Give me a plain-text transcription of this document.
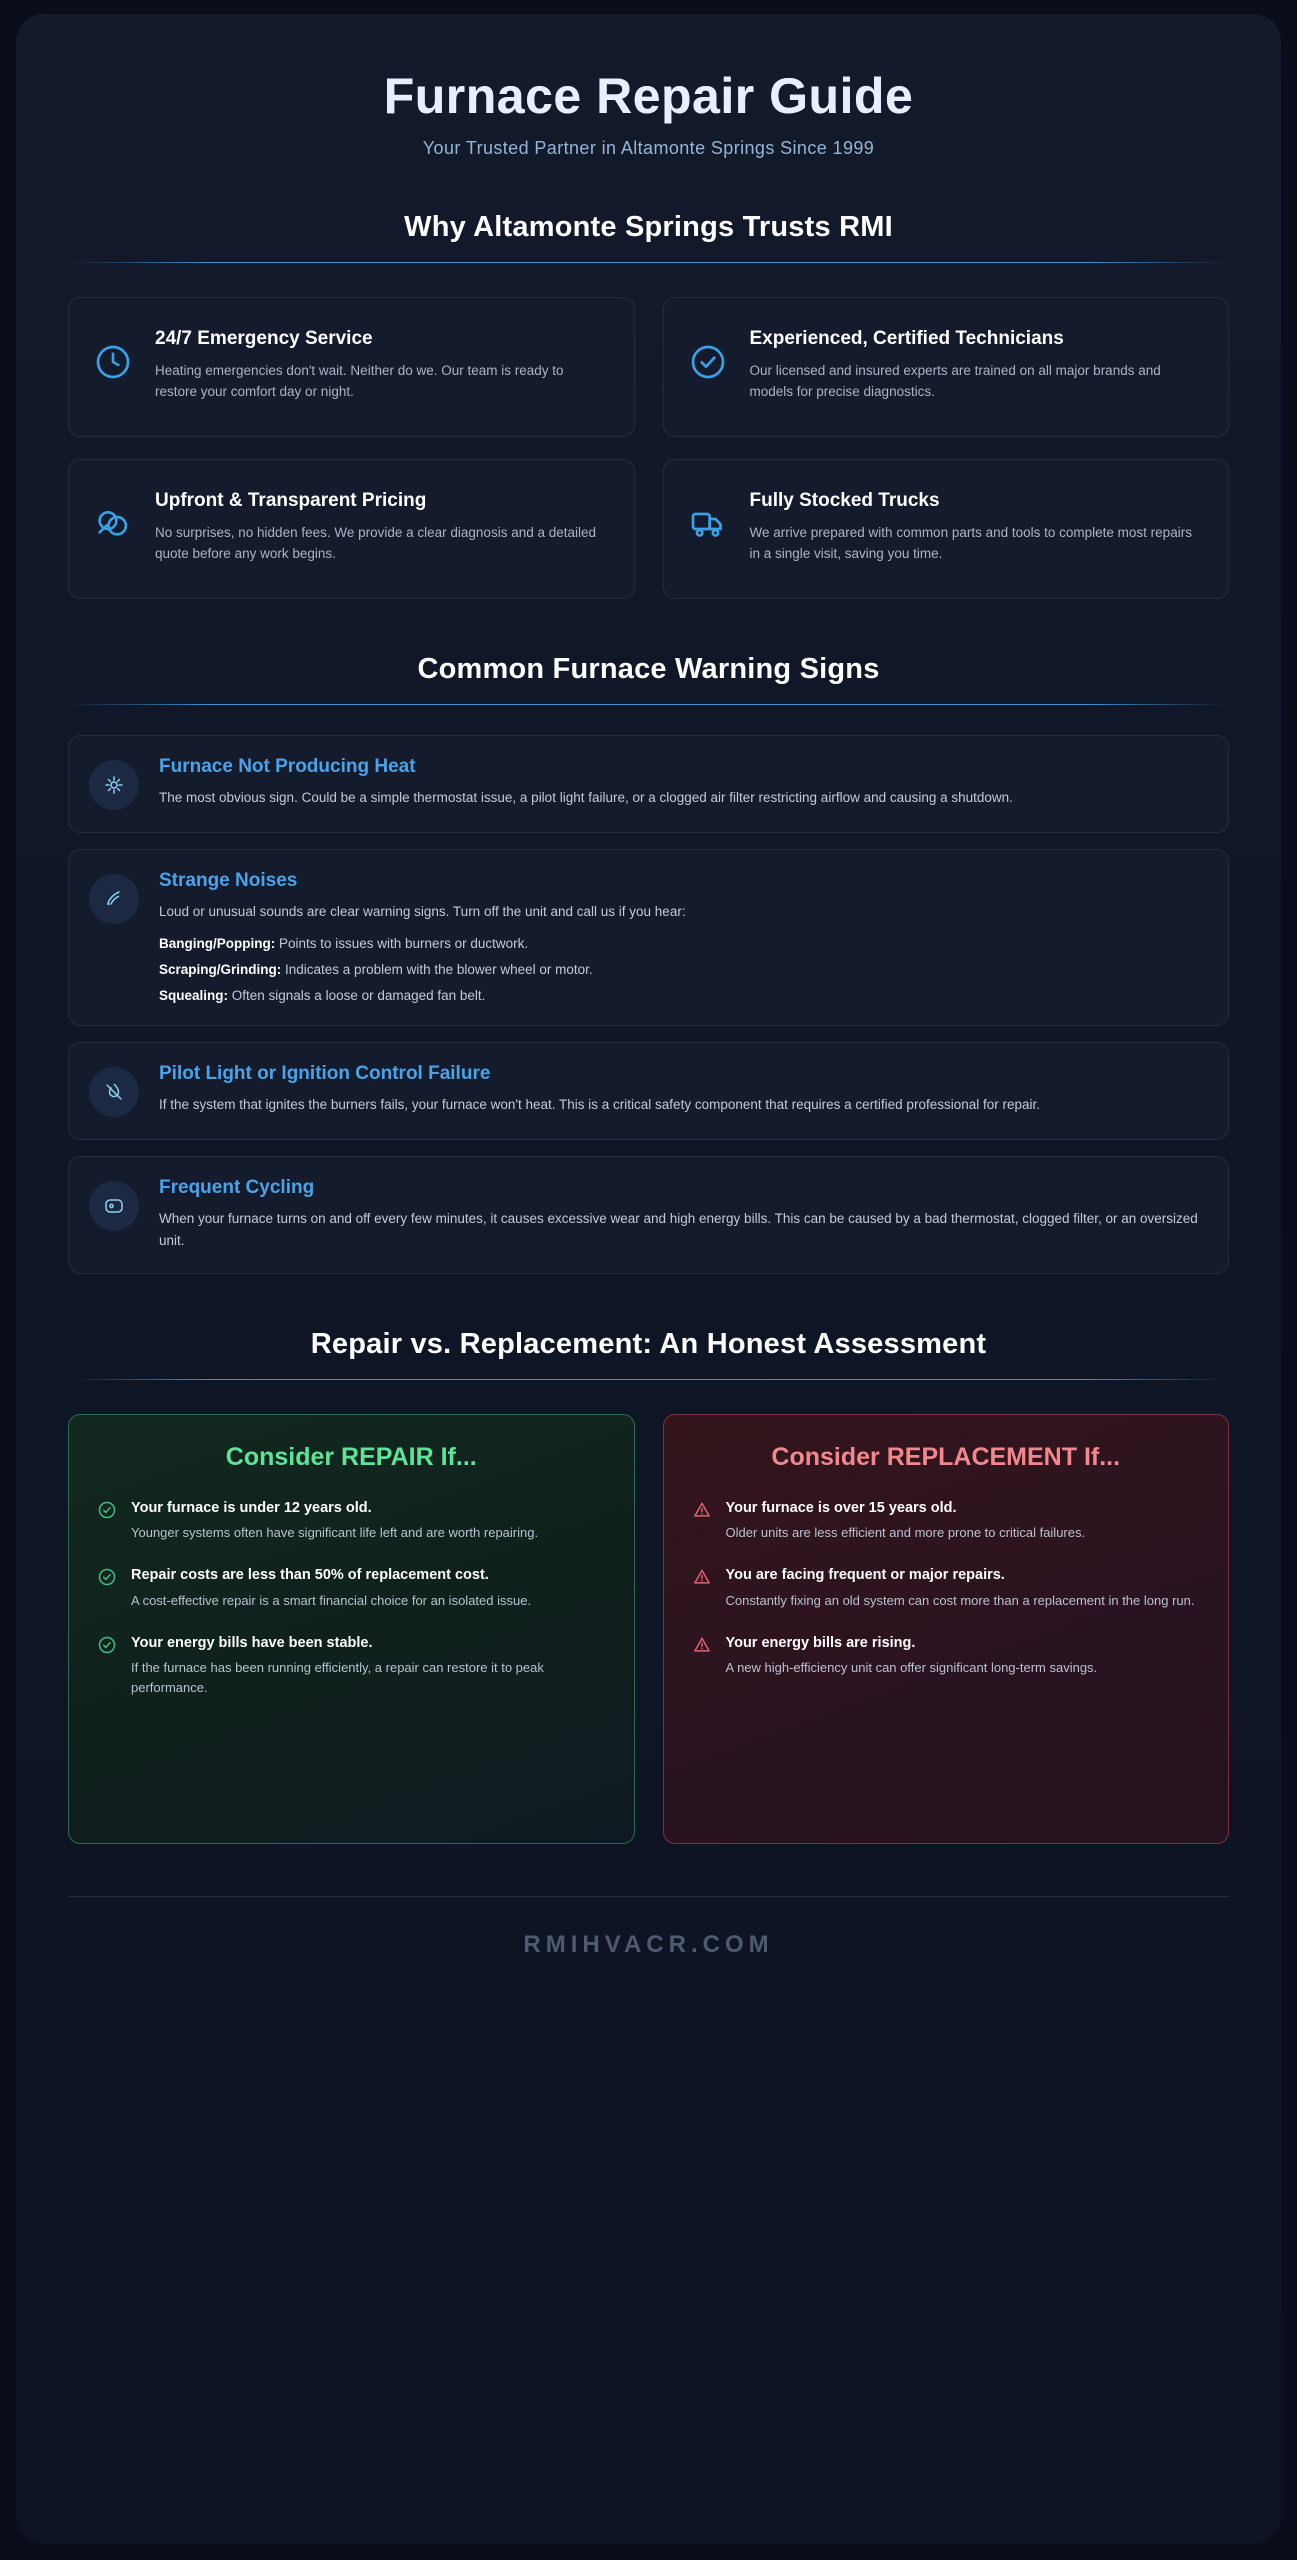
Furnace Repair Guide
Your Trusted Partner in Altamonte Springs Since 1999
Why Altamonte Springs Trusts RMI
24/7 Emergency Service

Heating emergencies don't wait. Neither do we. Our team is ready to restore your comfort day or night.

Experienced, Certified Technicians

Our licensed and insured experts are trained on all major brands and models for precise diagnostics.

Upfront & Transparent Pricing

No surprises, no hidden fees. We provide a clear diagnosis and a detailed quote before any work begins.

Fully Stocked Trucks

We arrive prepared with common parts and tools to complete most repairs in a single visit, saving you time.

Common Furnace Warning Signs
Furnace Not Producing Heat

The most obvious sign. Could be a simple thermostat issue, a pilot light failure, or a clogged air filter restricting airflow and causing a shutdown.

Strange Noises

Loud or unusual sounds are clear warning signs. Turn off the unit and call us if you hear:

Banging/Popping: Points to issues with burners or ductwork.
Scraping/Grinding: Indicates a problem with the blower wheel or motor.
Squealing: Often signals a loose or damaged fan belt.
Pilot Light or Ignition Control Failure

If the system that ignites the burners fails, your furnace won't heat. This is a critical safety component that requires a certified professional for repair.

Frequent Cycling

When your furnace turns on and off every few minutes, it causes excessive wear and high energy bills. This can be caused by a bad thermostat, clogged filter, or an oversized unit.

Repair vs. Replacement: An Honest Assessment
Consider REPAIR If...
Your furnace is under 12 years old.
Younger systems often have significant life left and are worth repairing.
Repair costs are less than 50% of replacement cost.
A cost-effective repair is a smart financial choice for an isolated issue.
Your energy bills have been stable.
If the furnace has been running efficiently, a repair can restore it to peak performance.
Consider REPLACEMENT If...
Your furnace is over 15 years old.
Older units are less efficient and more prone to critical failures.
You are facing frequent or major repairs.
Constantly fixing an old system can cost more than a replacement in the long run.
Your energy bills are rising.
A new high-efficiency unit can offer significant long-term savings.
RMIHVACR.COM
